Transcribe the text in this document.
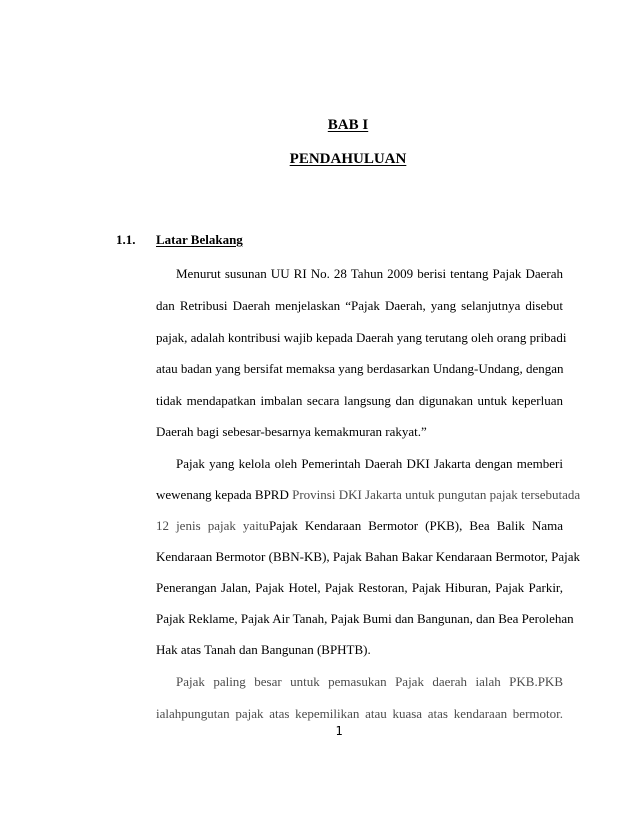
BAB I
PENDAHULUAN
1.1. Latar Belakang
Menurut susunan UU RI No. 28 Tahun 2009 berisi tentang Pajak Daerah
dan Retribusi Daerah menjelaskan “Pajak Daerah, yang selanjutnya disebut
pajak, adalah kontribusi wajib kepada Daerah yang terutang oleh orang pribadi
atau badan yang bersifat memaksa yang berdasarkan Undang-Undang, dengan
tidak mendapatkan imbalan secara langsung dan digunakan untuk keperluan
Daerah bagi sebesar-besarnya kemakmuran rakyat.”
Pajak yang kelola oleh Pemerintah Daerah DKI Jakarta dengan memberi
wewenang kepada BPRD Provinsi DKI Jakarta untuk pungutan pajak tersebutada
12 jenis pajak yaituPajak Kendaraan Bermotor (PKB), Bea Balik Nama
Kendaraan Bermotor (BBN-KB), Pajak Bahan Bakar Kendaraan Bermotor, Pajak
Penerangan Jalan, Pajak Hotel, Pajak Restoran, Pajak Hiburan, Pajak Parkir,
Pajak Reklame, Pajak Air Tanah, Pajak Bumi dan Bangunan, dan Bea Perolehan
Hak atas Tanah dan Bangunan (BPHTB).
Pajak paling besar untuk pemasukan Pajak daerah ialah PKB.PKB
ialahpungutan pajak atas kepemilikan atau kuasa atas kendaraan bermotor.
1
